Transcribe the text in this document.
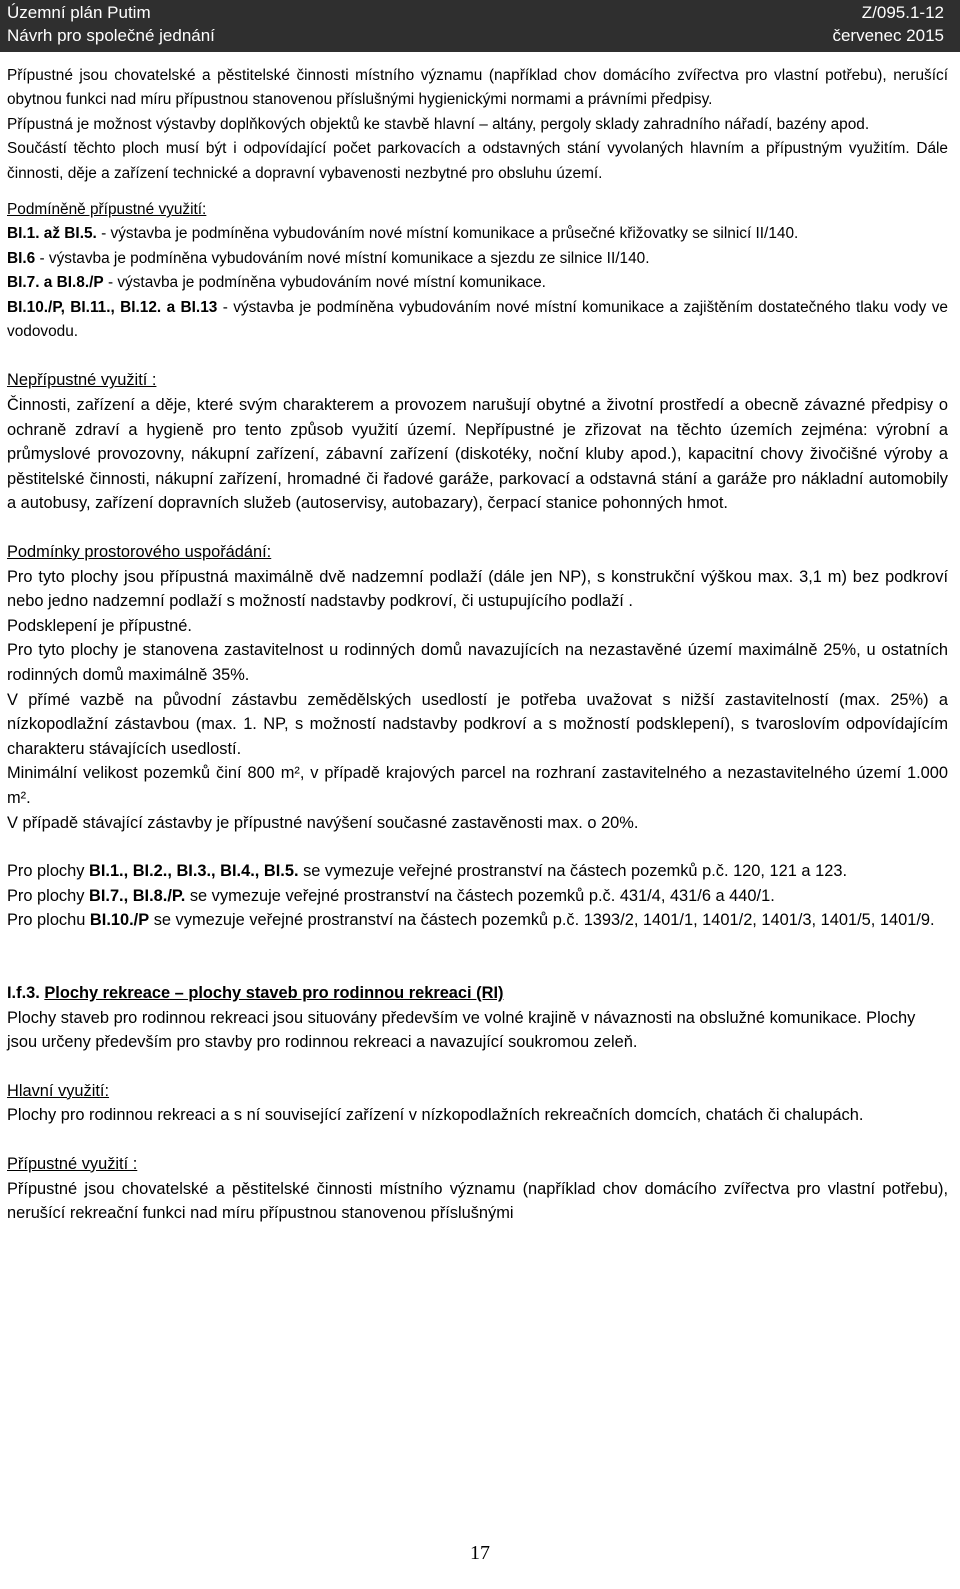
Územní plán Putim
Návrh pro společné jednání
Z/095.1-12
červenec 2015

Přípustné jsou chovatelské a pěstitelské činnosti místního významu (například chov domácího zvířectva pro vlastní potřebu), nerušící obytnou funkci nad míru přípustnou stanovenou příslušnými hygienickými normami a právními předpisy.

Přípustná je možnost výstavby doplňkových objektů ke stavbě hlavní – altány, pergoly sklady zahradního nářadí, bazény apod.

Součástí těchto ploch musí být i odpovídající počet parkovacích a odstavných stání vyvolaných hlavním a přípustným využitím. Dále činnosti, děje a zařízení technické a dopravní vybavenosti nezbytné pro obsluhu území.

Podmíněně přípustné využití:

BI.1. až BI.5. - výstavba je podmíněna vybudováním nové místní komunikace a průsečné křižovatky se silnicí II/140.

BI.6 - výstavba je podmíněna vybudováním nové místní komunikace a sjezdu ze silnice II/140.

BI.7. a BI.8./P - výstavba je podmíněna vybudováním nové místní komunikace.

BI.10./P, BI.11., BI.12. a BI.13 - výstavba je podmíněna vybudováním nové místní komunikace a zajištěním dostatečného tlaku vody ve vodovodu.

Nepřípustné využití :

Činnosti, zařízení a děje, které svým charakterem a provozem narušují obytné a životní prostředí a obecně závazné předpisy o ochraně zdraví a hygieně pro tento způsob využití území. Nepřípustné je zřizovat na těchto územích zejména: výrobní a průmyslové provozovny, nákupní zařízení, zábavní zařízení (diskotéky, noční kluby apod.), kapacitní chovy živočišné výroby a pěstitelské činnosti, nákupní zařízení, hromadné či řadové garáže, parkovací a odstavná stání a garáže pro nákladní automobily a autobusy, zařízení dopravních služeb (autoservisy, autobazary), čerpací stanice pohonných hmot.

Podmínky prostorového uspořádání:

Pro tyto plochy jsou přípustná maximálně dvě nadzemní podlaží (dále jen NP), s konstrukční výškou max. 3,1 m) bez podkroví nebo jedno nadzemní podlaží s možností nadstavby podkroví, či ustupujícího podlaží .

Podsklepení je přípustné.

Pro tyto plochy je stanovena zastavitelnost u rodinných domů navazujících na nezastavěné území maximálně 25%, u ostatních rodinných domů maximálně 35%.

V přímé vazbě na původní zástavbu zemědělských usedlostí je potřeba uvažovat s nižší zastavitelností (max. 25%) a nízkopodlažní zástavbou (max. 1. NP, s možností nadstavby podkroví a s možností podsklepení), s tvaroslovím odpovídajícím charakteru stávajících usedlostí.

Minimální velikost pozemků činí 800 m², v případě krajových parcel na rozhraní zastavitelného a nezastavitelného území 1.000 m².

V případě stávající zástavby je přípustné navýšení současné zastavěnosti max. o 20%.

Pro plochy BI.1., BI.2., BI.3., BI.4., BI.5. se vymezuje veřejné prostranství na částech pozemků p.č. 120, 121 a 123.

Pro plochy BI.7., BI.8./P. se vymezuje veřejné prostranství na částech pozemků p.č. 431/4, 431/6 a 440/1.

Pro plochu BI.10./P se vymezuje veřejné prostranství na částech pozemků p.č. 1393/2, 1401/1, 1401/2, 1401/3, 1401/5, 1401/9.

I.f.3. Plochy rekreace – plochy staveb pro rodinnou rekreaci (RI)

Plochy staveb pro rodinnou rekreaci jsou situovány především ve volné krajině v návaznosti na obslužné komunikace. Plochy jsou určeny především pro stavby pro rodinnou rekreaci a navazující soukromou zeleň.

Hlavní využití:

Plochy pro rodinnou rekreaci a s ní související zařízení v nízkopodlažních rekreačních domcích, chatách či chalupách.

Přípustné využití :

Přípustné jsou chovatelské a pěstitelské činnosti místního významu (například chov domácího zvířectva pro vlastní potřebu), nerušící rekreační funkci nad míru přípustnou stanovenou příslušnými

17
